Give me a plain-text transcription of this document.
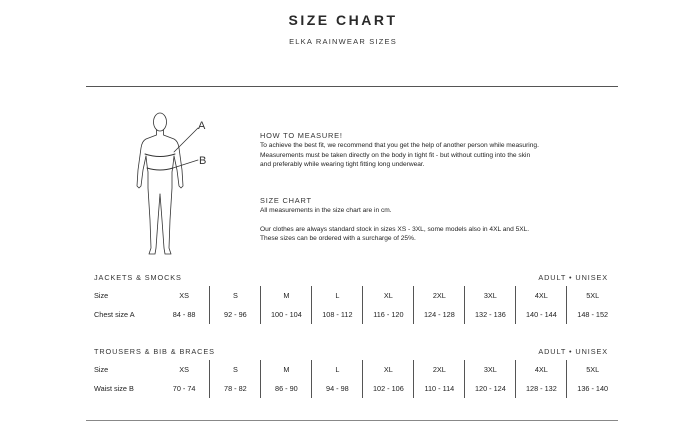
SIZE CHART
ELKA RAINWEAR SIZES
A
B
HOW TO MEASURE!

To achieve the best fit, we recommend that you get the help of another person while measuring.

Measurements must be taken directly on the body in tight fit - but without cutting into the skin

and preferably while wearing tight fitting long underwear.

SIZE CHART

All measurements in the size chart are in cm.

Our clothes are always standard stock in sizes XS - 3XL, some models also in 4XL and 5XL.

These sizes can be ordered with a surcharge of 25%.

JACKETS & SMOCKS	ADULT • UNISEX
Size	XS	S	M	L	XL	2XL	3XL	4XL	5XL
Chest size A	84 - 88	92 - 96	100 - 104	108 - 112	116 - 120	124 - 128	132 - 136	140 - 144	148 - 152
TROUSERS & BIB & BRACES	ADULT • UNISEX
Size	XS	S	M	L	XL	2XL	3XL	4XL	5XL
Waist size B	70 - 74	78 - 82	86 - 90	94 - 98	102 - 106	110 - 114	120 - 124	128 - 132	136 - 140
